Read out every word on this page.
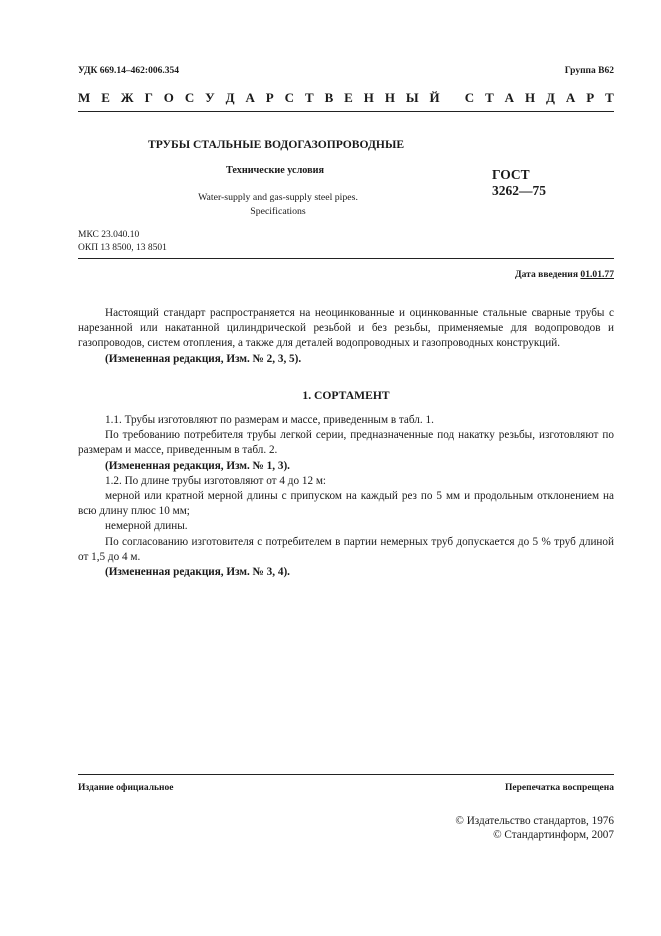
УДК 669.14–462:006.354	Группа В62
М Е Ж Г О С У Д А Р С Т В Е Н Н Ы Й
С Т А Н Д А Р Т
ТРУБЫ СТАЛЬНЫЕ ВОДОГАЗОПРОВОДНЫЕ
Технические условия
Water-supply and gas-supply steel pipes.
Specifications
ГОСТ
3262—75
МКС 23.040.10
ОКП 13 8500, 13 8501
Дата введения 01.01.77

Настоящий стандарт распространяется на неоцинкованные и оцинкованные стальные сварные трубы с нарезанной или накатанной цилиндрической резьбой и без резьбы, применяемые для водопроводов и газопроводов, систем отопления, а также для деталей водопроводных и газопроводных конструкций.

(Измененная редакция, Изм. № 2, 3, 5).

1. СОРТАМЕНТ

1.1. Трубы изготовляют по размерам и массе, приведенным в табл. 1.

По требованию потребителя трубы легкой серии, предназначенные под накатку резьбы, изготовляют по размерам и массе, приведенным в табл. 2.

(Измененная редакция, Изм. № 1, 3).

1.2. По длине трубы изготовляют от 4 до 12 м:

мерной или кратной мерной длины с припуском на каждый рез по 5 мм и продольным отклонением на всю длину плюс 10 мм;

немерной длины.

По согласованию изготовителя с потребителем в партии немерных труб допускается до 5 % труб длиной от 1,5 до 4 м.

(Измененная редакция, Изм. № 3, 4).

Издание официальное	Перепечатка воспрещена
© Издательство стандартов, 1976
© Стандартинформ, 2007
